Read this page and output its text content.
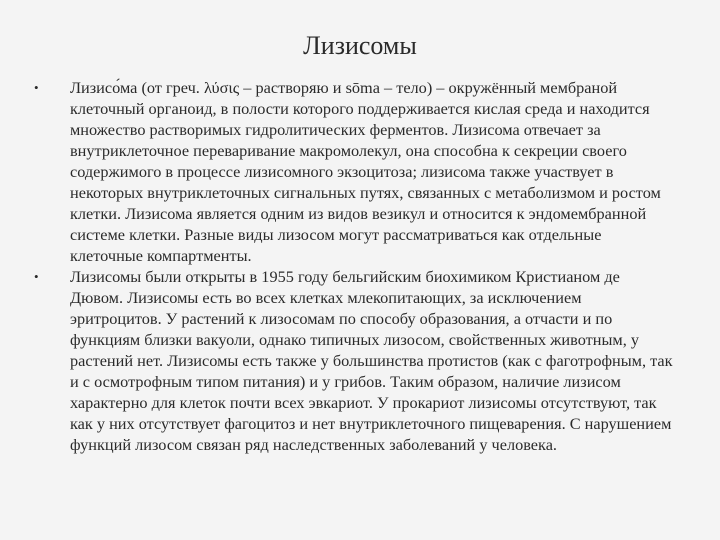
Лизисомы
•	Лизисо́ма (от греч. λύσις – растворяю и sōma – тело) – окружённый мембраной клеточный органоид, в полости которого поддерживается кислая среда и находится множество растворимых гидролитических ферментов. Лизисома отвечает за внутриклеточное переваривание макромолекул, она способна к секреции своего содержимого в процессе лизисомного экзоцитоза; лизисома также участвует в некоторых внутриклеточных сигнальных путях, связанных с метаболизмом и ростом клетки. Лизисома является одним из видов везикул и относится к эндомембранной системе клетки. Разные виды лизосом могут рассматриваться как отдельные клеточные компартменты.
•	Лизисомы были открыты в 1955 году бельгийским биохимиком Кристианом де Дювом. Лизисомы есть во всех клетках млекопитающих, за исключением эритроцитов. У растений к лизосомам по способу образования, а отчасти и по функциям близки вакуоли, однако типичных лизосом, свойственных животным, у растений нет. Лизисомы есть также у большинства протистов (как с фаготрофным, так и с осмотрофным типом питания) и у грибов. Таким образом, наличие лизисом характерно для клеток почти всех эвкариот. У прокариот лизисомы отсутствуют, так как у них отсутствует фагоцитоз и нет внутриклеточного пищеварения. С нарушением функций лизосом связан ряд наследственных заболеваний у человека.
